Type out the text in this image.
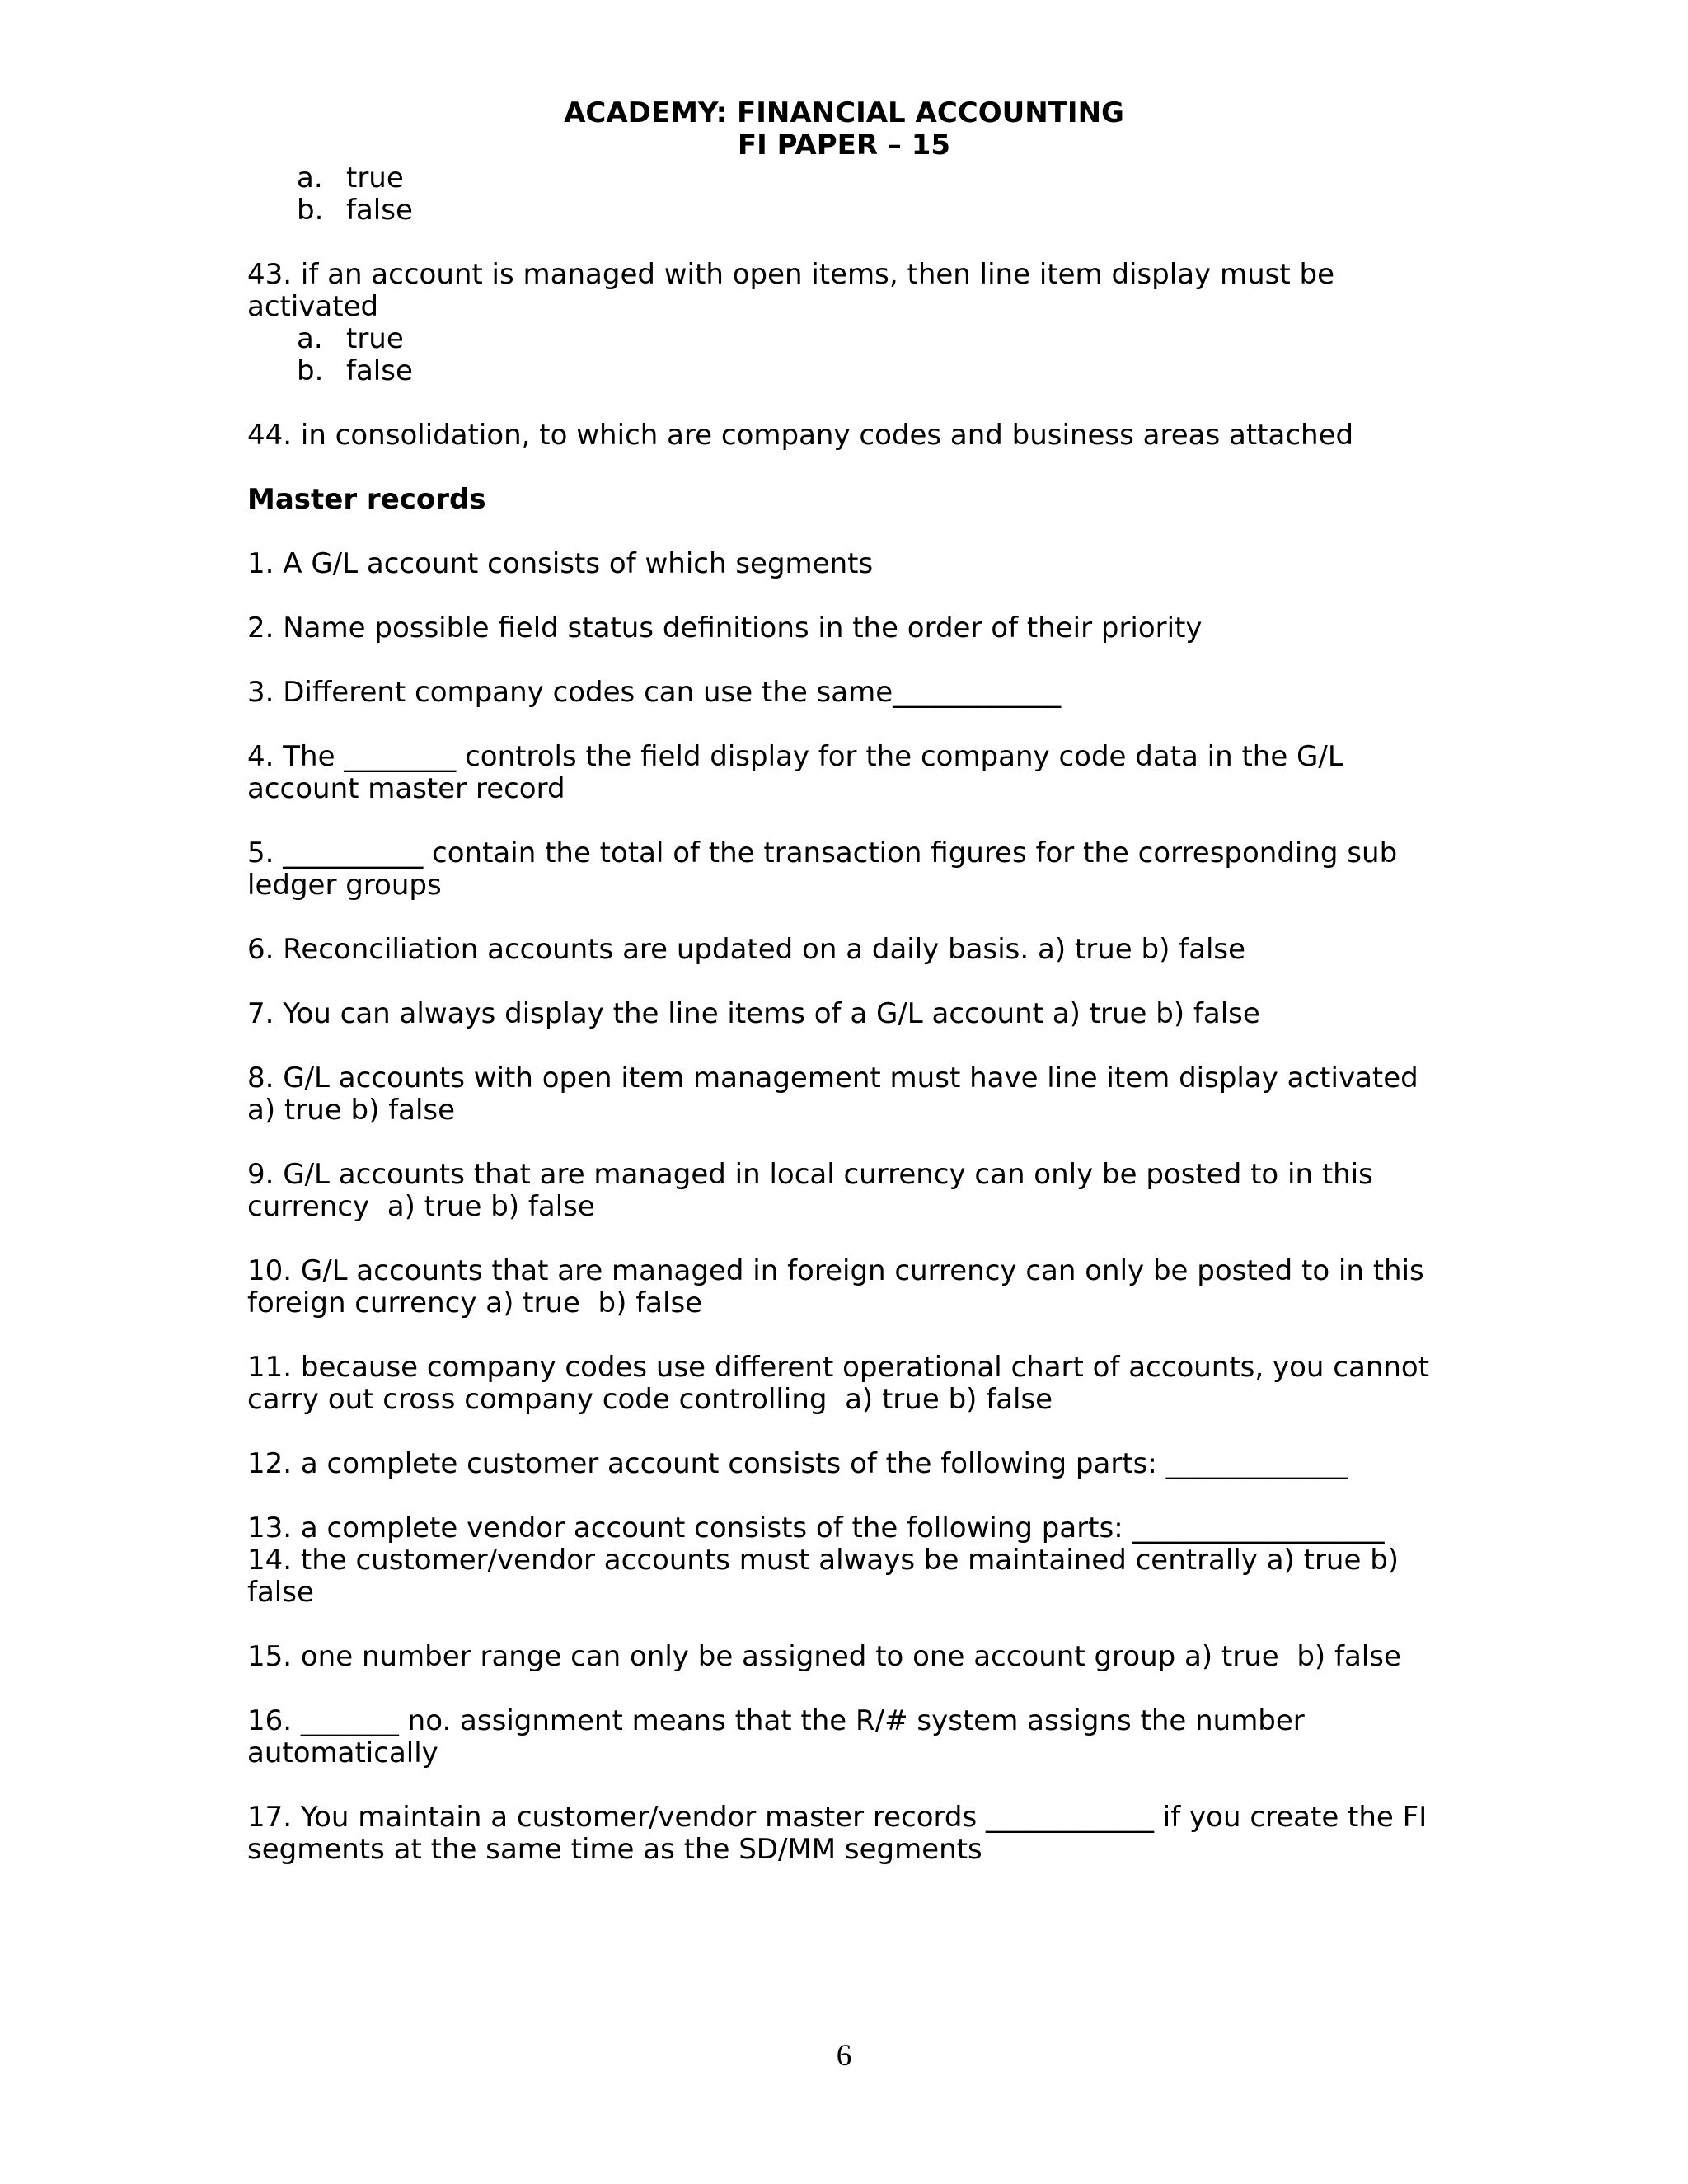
ACADEMY: FINANCIAL ACCOUNTING
FI PAPER – 15
a. true
b. false
43. if an account is managed with open items, then line item display must be
activated
a. true
b. false
44. in consolidation, to which are company codes and business areas attached
Master records
1. A G/L account consists of which segments
2. Name possible field status definitions in the order of their priority
3. Different company codes can use the same____________
4. The ________ controls the field display for the company code data in the G/L
account master record
5. __________ contain the total of the transaction figures for the corresponding sub
ledger groups
6. Reconciliation accounts are updated on a daily basis. a) true b) false
7. You can always display the line items of a G/L account a) true b) false
8. G/L accounts with open item management must have line item display activated
a) true b) false
9. G/L accounts that are managed in local currency can only be posted to in this
currency  a) true b) false
10. G/L accounts that are managed in foreign currency can only be posted to in this
foreign currency a) true  b) false
11. because company codes use different operational chart of accounts, you cannot
carry out cross company code controlling  a) true b) false
12. a complete customer account consists of the following parts: _____________
13. a complete vendor account consists of the following parts: __________________
14. the customer/vendor accounts must always be maintained centrally a) true b)
false
15. one number range can only be assigned to one account group a) true  b) false
16. _______ no. assignment means that the R/# system assigns the number
automatically
17. You maintain a customer/vendor master records ____________ if you create the FI
segments at the same time as the SD/MM segments
6
